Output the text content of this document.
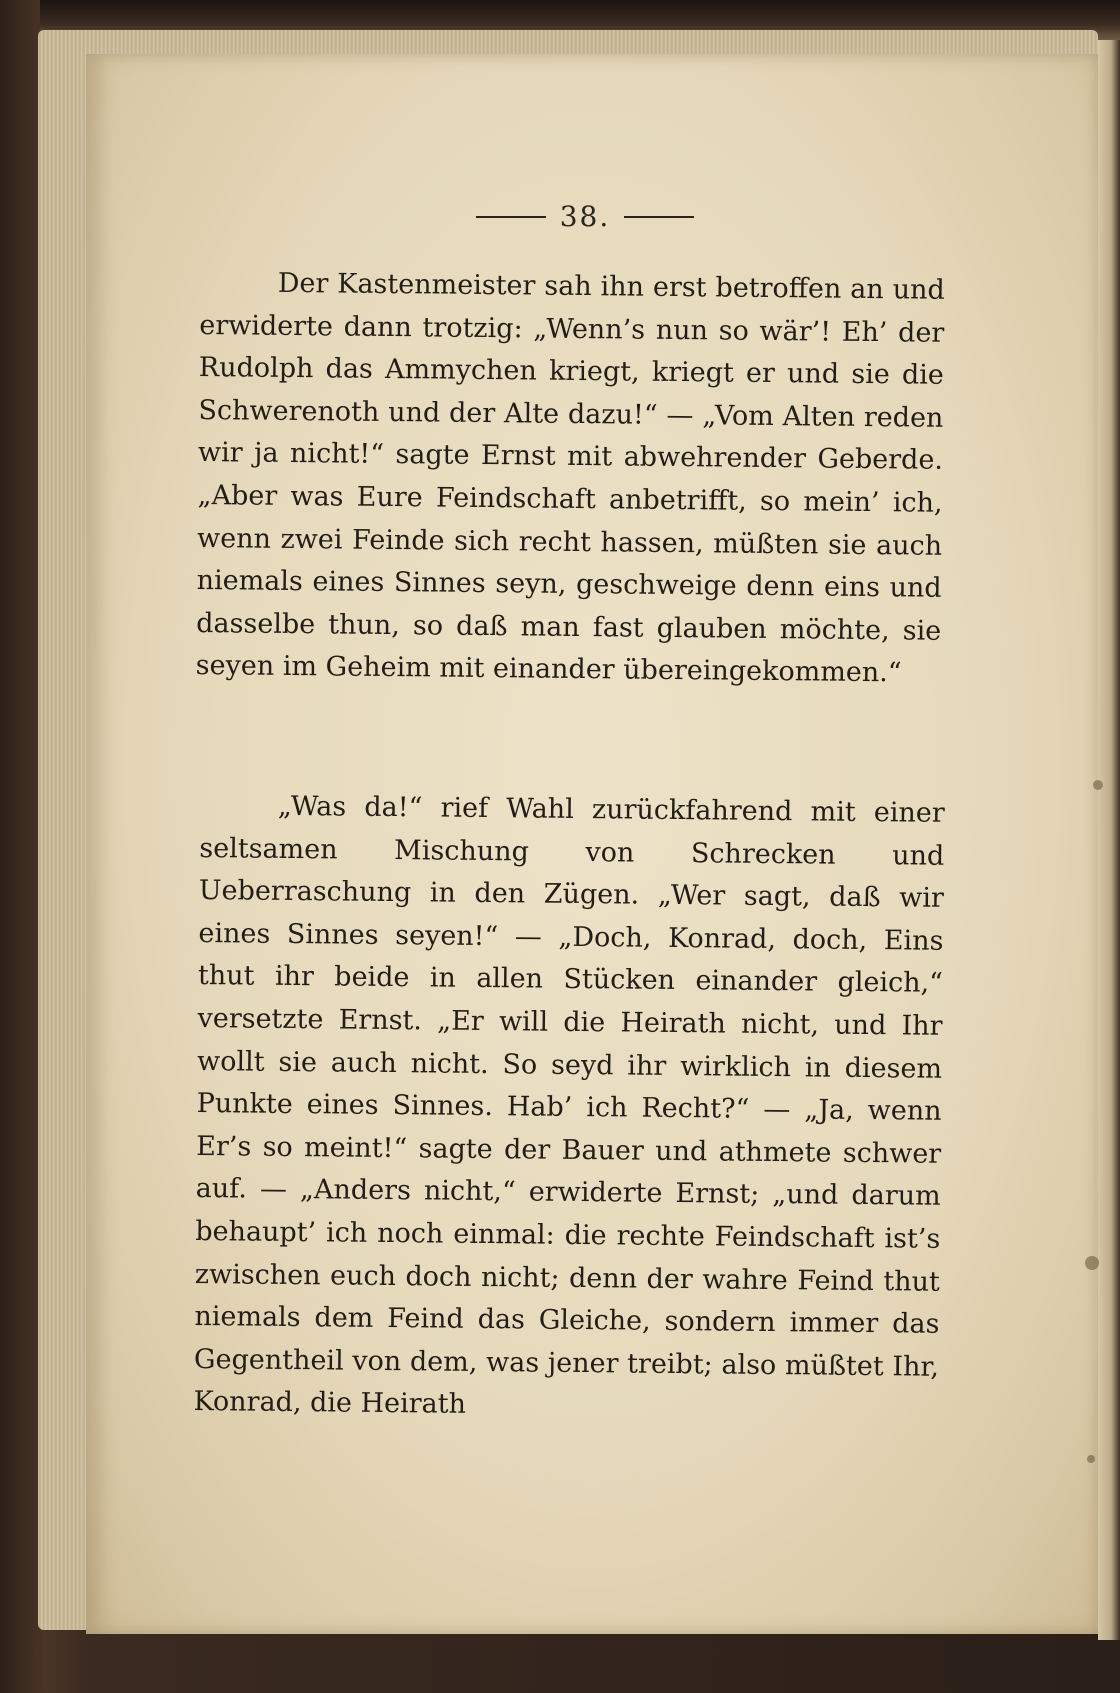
38.

Der Kastenmeister sah ihn erst betroffen an und erwiderte dann trotzig: „Wenn’s nun so wär’! Eh’ der Rudolph das Ammychen kriegt, kriegt er und sie die Schwerenoth und der Alte dazu!“ — „Vom Alten reden wir ja nicht!“ sagte Ernst mit abwehrender Geberde. „Aber was Eure Feindschaft anbetrifft, so mein’ ich, wenn zwei Feinde sich recht hassen, müßten sie auch niemals eines Sinnes seyn, geschweige denn eins und dasselbe thun, so daß man fast glauben möchte, sie seyen im Geheim mit einander übereingekommen.“

„Was da!“ rief Wahl zurückfahrend mit einer seltsamen Mischung von Schrecken und Ueberraschung in den Zügen. „Wer sagt, daß wir eines Sinnes seyen!“ — „Doch, Konrad, doch, Eins thut ihr beide in allen Stücken einander gleich,“ versetzte Ernst. „Er will die Heirath nicht, und Ihr wollt sie auch nicht. So seyd ihr wirklich in diesem Punkte eines Sinnes. Hab’ ich Recht?“ — „Ja, wenn Er’s so meint!“ sagte der Bauer und athmete schwer auf. — „Anders nicht,“ erwiderte Ernst; „und darum behaupt’ ich noch einmal: die rechte Feindschaft ist’s zwischen euch doch nicht; denn der wahre Feind thut niemals dem Feind das Gleiche, sondern immer das Gegentheil von dem, was jener treibt; also müßtet Ihr, Konrad, die Heirath
